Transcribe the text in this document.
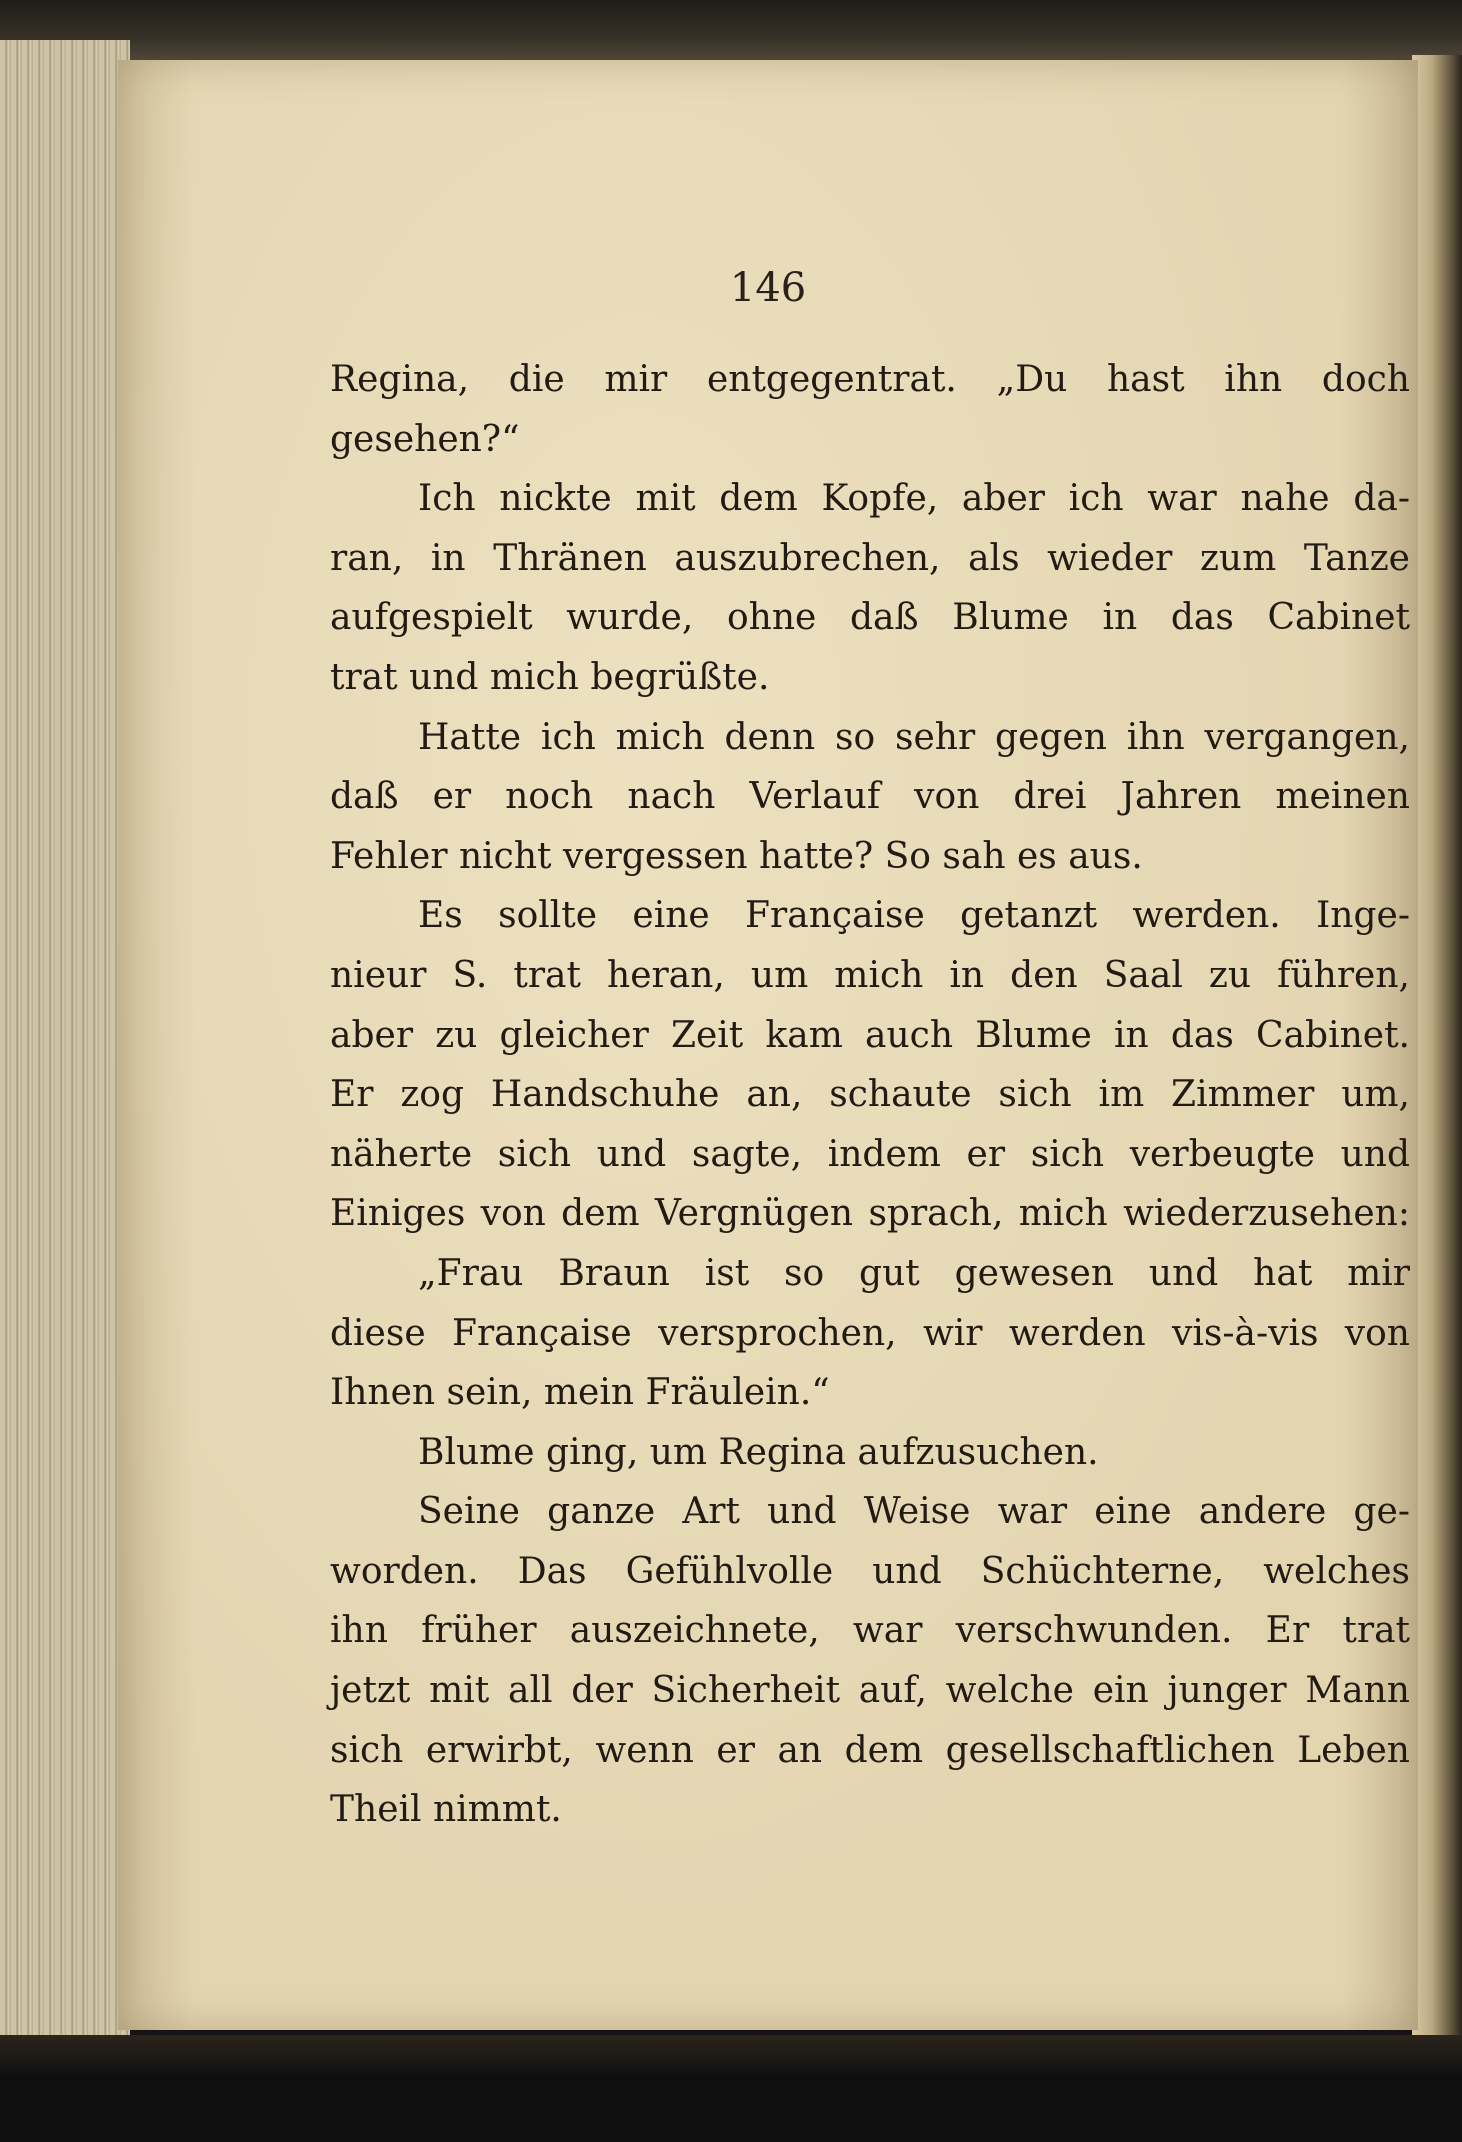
146
Regina, die mir entgegentrat. „Du hast ihn doch
gesehen?“
Ich nickte mit dem Kopfe, aber ich war nahe da-
ran, in Thränen auszubrechen, als wieder zum Tanze
aufgespielt wurde, ohne daß Blume in das Cabinet
trat und mich begrüßte.
Hatte ich mich denn so sehr gegen ihn vergangen,
daß er noch nach Verlauf von drei Jahren meinen
Fehler nicht vergessen hatte? So sah es aus.
Es sollte eine Française getanzt werden. Inge-
nieur S. trat heran, um mich in den Saal zu führen,
aber zu gleicher Zeit kam auch Blume in das Cabinet.
Er zog Handschuhe an, schaute sich im Zimmer um,
näherte sich und sagte, indem er sich verbeugte und
Einiges von dem Vergnügen sprach, mich wiederzusehen:
„Frau Braun ist so gut gewesen und hat mir
diese Française versprochen, wir werden vis-à-vis von
Ihnen sein, mein Fräulein.“
Blume ging, um Regina aufzusuchen.
Seine ganze Art und Weise war eine andere ge-
worden. Das Gefühlvolle und Schüchterne, welches
ihn früher auszeichnete, war verschwunden. Er trat
jetzt mit all der Sicherheit auf, welche ein junger Mann
sich erwirbt, wenn er an dem gesellschaftlichen Leben
Theil nimmt.
